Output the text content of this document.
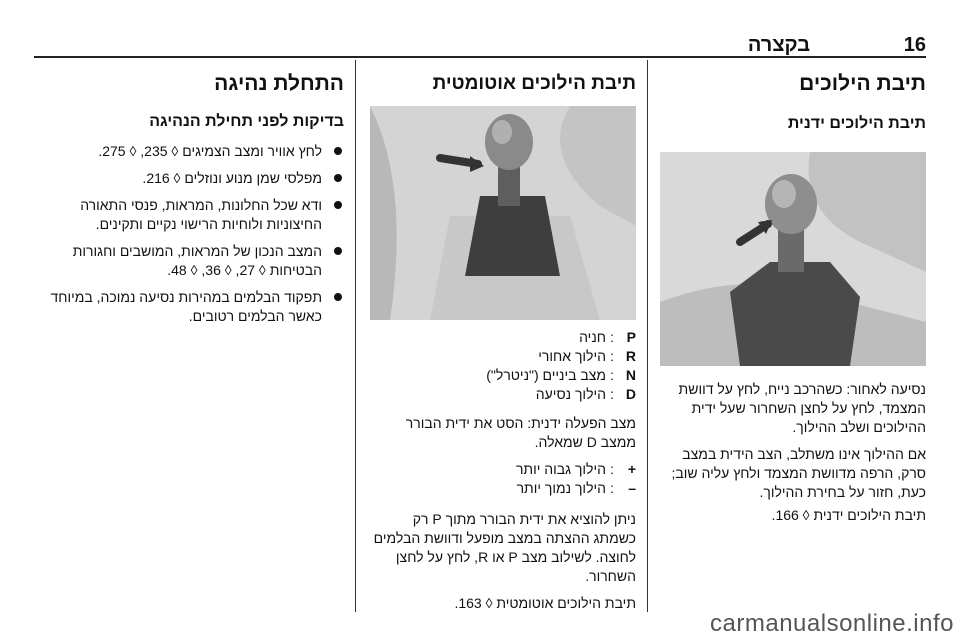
16
בקצרה
תיבת הילוכים
תיבת הילוכים ידנית

נסיעה לאחור: כשהרכב נייח, לחץ על דוושת המצמד, לחץ על לחצן השחרור שעל ידית ההילוכים ושלב ההילוך.

אם ההילוך אינו משתלב, הצב הידית במצב סרק, הרפה מדוושת המצמד ולחץ עליה שוב; כעת, חזור על בחירת ההילוך.

תיבת הילוכים ידנית ◊ 166.

תיבת הילוכים אוטומטית
P
:
חניה
R
:
הילוך אחורי
N
:
מצב ביניים ("ניטרל")
D
:
הילוך נסיעה

מצב הפעלה ידנית: הסט את ידית הבורר ממצב D שמאלה.

+
:
הילוך גבוה יותר
–
:
הילוך נמוך יותר

ניתן להוציא את ידית הבורר מתוך P רק כשמתג ההצתה במצב מופעל ודוושת הבלמים לחוצה. לשילוב מצב P או R, לחץ על לחצן השחרור.

תיבת הילוכים אוטומטית ◊ 163.

התחלת נהיגה
בדיקות לפני תחילת הנהיגה
לחץ אוויר ומצב הצמיגים ◊ 235, ◊ 275.
מפלסי שמן מנוע ונוזלים ◊ 216.
ודא שכל החלונות, המראות, פנסי התאורה החיצוניות ולוחיות הרישוי נקיים ותקינים.
המצב הנכון של המראות, המושבים וחגורות הבטיחות ◊ 27, ◊ 36, ◊ 48.
תפקוד הבלמים במהירות נסיעה נמוכה, במיוחד כאשר הבלמים רטובים.
carmanualsonline.info
